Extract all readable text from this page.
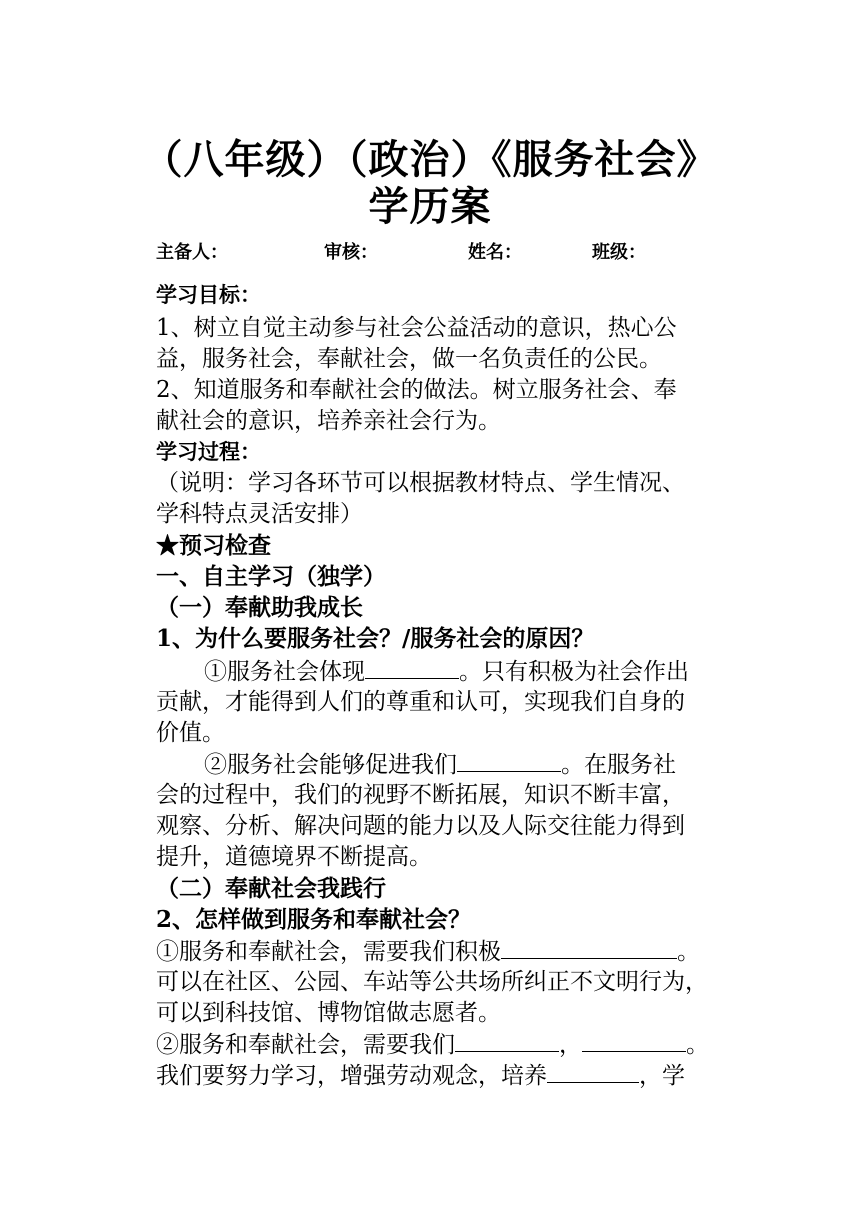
（八年级）（政治）《服务社会》
学历案
主备人：	审核：	姓名：	班级：
学习目标：
1、树立自觉主动参与社会公益活动的意识，热心公
益，服务社会，奉献社会，做一名负责任的公民。
2、知道服务和奉献社会的做法。树立服务社会、奉
献社会的意识，培养亲社会行为。
学习过程：
（说明：学习各环节可以根据教材特点、学生情况、
学科特点灵活安排）
★预习检查
一、自主学习（独学）
（一）奉献助我成长
1、为什么要服务社会？/服务社会的原因？
①服务社会体现	。只有积极为社会作出
贡献，才能得到人们的尊重和认可，实现我们自身的
价值。
②服务社会能够促进我们	。在服务社
会的过程中，我们的视野不断拓展，知识不断丰富，
观察、分析、解决问题的能力以及人际交往能力得到
提升，道德境界不断提高。
（二）奉献社会我践行
2、怎样做到服务和奉献社会？
①服务和奉献社会，需要我们积极	。
可以在社区、公园、车站等公共场所纠正不文明行为，
可以到科技馆、博物馆做志愿者。
②服务和奉献社会，需要我们	，	。
我们要努力学习，增强劳动观念，培养	，学
